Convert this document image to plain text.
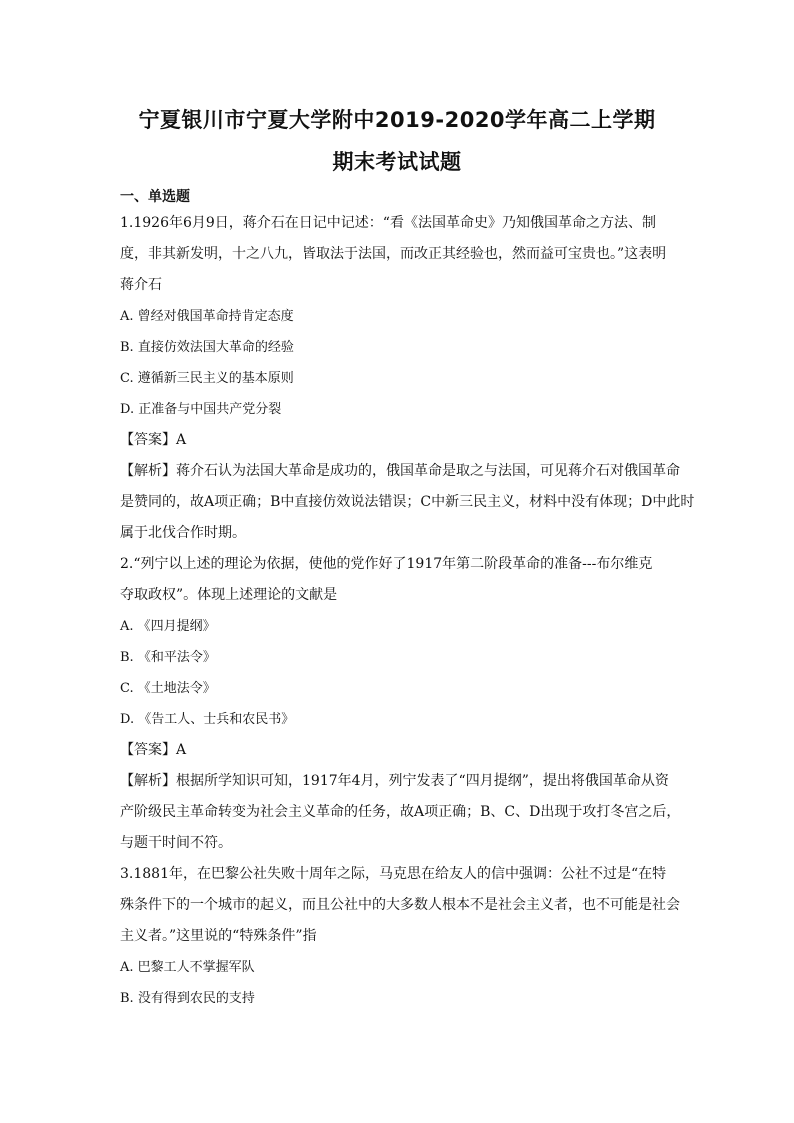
宁夏银川市宁夏大学附中2019-2020学年高二上学期
期末考试试题
一、单选题
1.1926年6月9日，蒋介石在日记中记述：“看《法国革命史》乃知俄国革命之方法、制
度，非其新发明，十之八九，皆取法于法国，而改正其经验也，然而益可宝贵也。”这表明
蒋介石
A. 曾经对俄国革命持肯定态度
B. 直接仿效法国大革命的经验
C. 遵循新三民主义的基本原则
D. 正准备与中国共产党分裂
【答案】A
【解析】蒋介石认为法国大革命是成功的，俄国革命是取之与法国，可见蒋介石对俄国革命
是赞同的，故A项正确；B中直接仿效说法错误；C中新三民主义，材料中没有体现；D中此时
属于北伐合作时期。
2.“列宁以上述的理论为依据，使他的党作好了1917年第二阶段革命的准备---布尔维克
夺取政权”。体现上述理论的文献是
A. 《四月提纲》
B. 《和平法令》
C. 《土地法令》
D. 《告工人、士兵和农民书》
【答案】A
【解析】根据所学知识可知，1917年4月，列宁发表了“四月提纲”，提出将俄国革命从资
产阶级民主革命转变为社会主义革命的任务，故A项正确；B、C、D出现于攻打冬宫之后，
与题干时间不符。
3.1881年，在巴黎公社失败十周年之际，马克思在给友人的信中强调：公社不过是“在特
殊条件下的一个城市的起义，而且公社中的大多数人根本不是社会主义者，也不可能是社会
主义者。”这里说的“特殊条件”指
A. 巴黎工人不掌握军队
B. 没有得到农民的支持
